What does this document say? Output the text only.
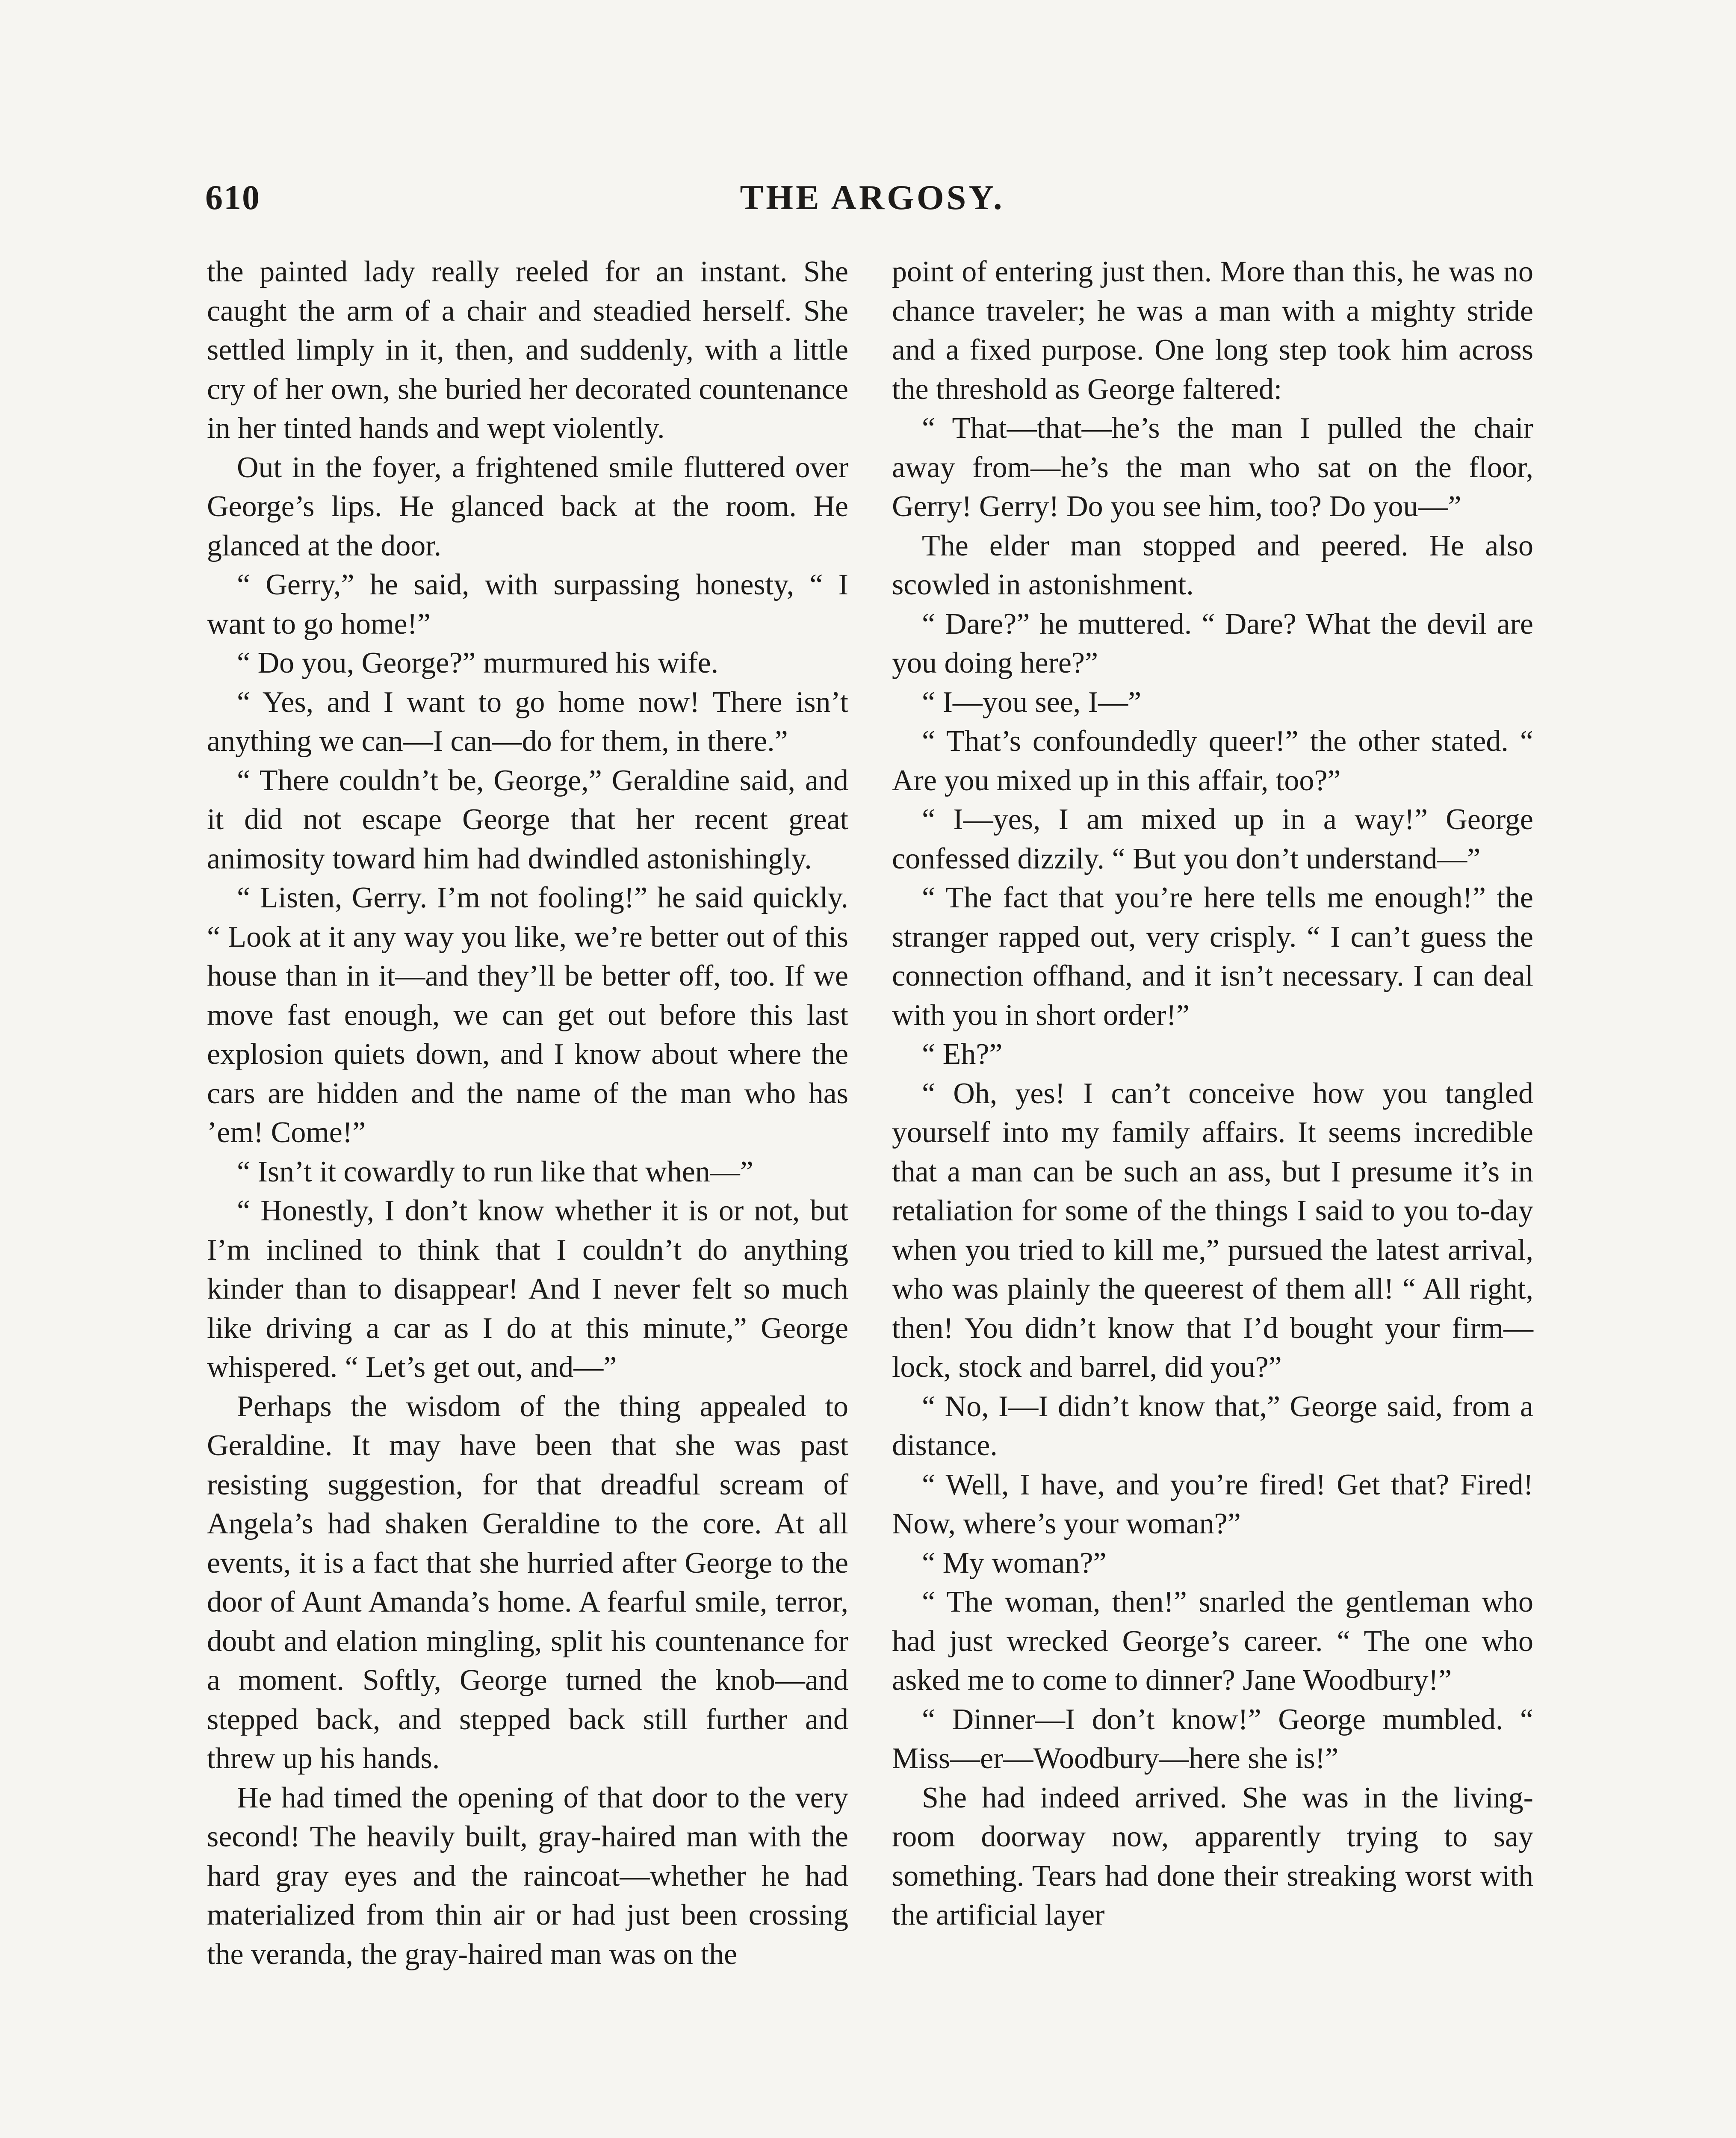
610	THE ARGOSY.

the painted lady really reeled for an instant. She caught the arm of a chair and steadied herself. She settled limply in it, then, and suddenly, with a little cry of her own, she buried her decorated countenance in her tinted hands and wept violently.

Out in the foyer, a frightened smile fluttered over George’s lips. He glanced back at the room. He glanced at the door.

“ Gerry,” he said, with surpassing honesty, “ I want to go home!”

“ Do you, George?” murmured his wife.

“ Yes, and I want to go home now! There isn’t anything we can—I can—do for them, in there.”

“ There couldn’t be, George,” Geraldine said, and it did not escape George that her recent great animosity toward him had dwindled astonishingly.

“ Listen, Gerry. I’m not fooling!” he said quickly. “ Look at it any way you like, we’re better out of this house than in it—and they’ll be better off, too. If we move fast enough, we can get out before this last explosion quiets down, and I know about where the cars are hidden and the name of the man who has ’em! Come!”

“ Isn’t it cowardly to run like that when—”

“ Honestly, I don’t know whether it is or not, but I’m inclined to think that I couldn’t do anything kinder than to disappear! And I never felt so much like driving a car as I do at this minute,” George whispered. “ Let’s get out, and—”

Perhaps the wisdom of the thing appealed to Geraldine. It may have been that she was past resisting suggestion, for that dreadful scream of Angela’s had shaken Geraldine to the core. At all events, it is a fact that she hurried after George to the door of Aunt Amanda’s home. A fearful smile, terror, doubt and elation mingling, split his countenance for a moment. Softly, George turned the knob—and stepped back, and stepped back still further and threw up his hands.

He had timed the opening of that door to the very second! The heavily built, gray-haired man with the hard gray eyes and the raincoat—whether he had materialized from thin air or had just been crossing the veranda, the gray-haired man was on the

point of entering just then. More than this, he was no chance traveler; he was a man with a mighty stride and a fixed purpose. One long step took him across the threshold as George faltered:

“ That—that—he’s the man I pulled the chair away from—he’s the man who sat on the floor, Gerry! Gerry! Do you see him, too? Do you—”

The elder man stopped and peered. He also scowled in astonishment.

“ Dare?” he muttered. “ Dare? What the devil are you doing here?”

“ I—you see, I—”

“ That’s confoundedly queer!” the other stated. “ Are you mixed up in this affair, too?”

“ I—yes, I am mixed up in a way!” George confessed dizzily. “ But you don’t understand—”

“ The fact that you’re here tells me enough!” the stranger rapped out, very crisply. “ I can’t guess the connection offhand, and it isn’t necessary. I can deal with you in short order!”

“ Eh?”

“ Oh, yes! I can’t conceive how you tangled yourself into my family affairs. It seems incredible that a man can be such an ass, but I presume it’s in retaliation for some of the things I said to you to-day when you tried to kill me,” pursued the latest arrival, who was plainly the queerest of them all! “ All right, then! You didn’t know that I’d bought your firm—lock, stock and barrel, did you?”

“ No, I—I didn’t know that,” George said, from a distance.

“ Well, I have, and you’re fired! Get that? Fired! Now, where’s your woman?”

“ My woman?”

“ The woman, then!” snarled the gentleman who had just wrecked George’s career. “ The one who asked me to come to dinner? Jane Woodbury!”

“ Dinner—I don’t know!” George mumbled. “ Miss—er—Woodbury—here she is!”

She had indeed arrived. She was in the living-room doorway now, apparently trying to say something. Tears had done their streaking worst with the artificial layer
